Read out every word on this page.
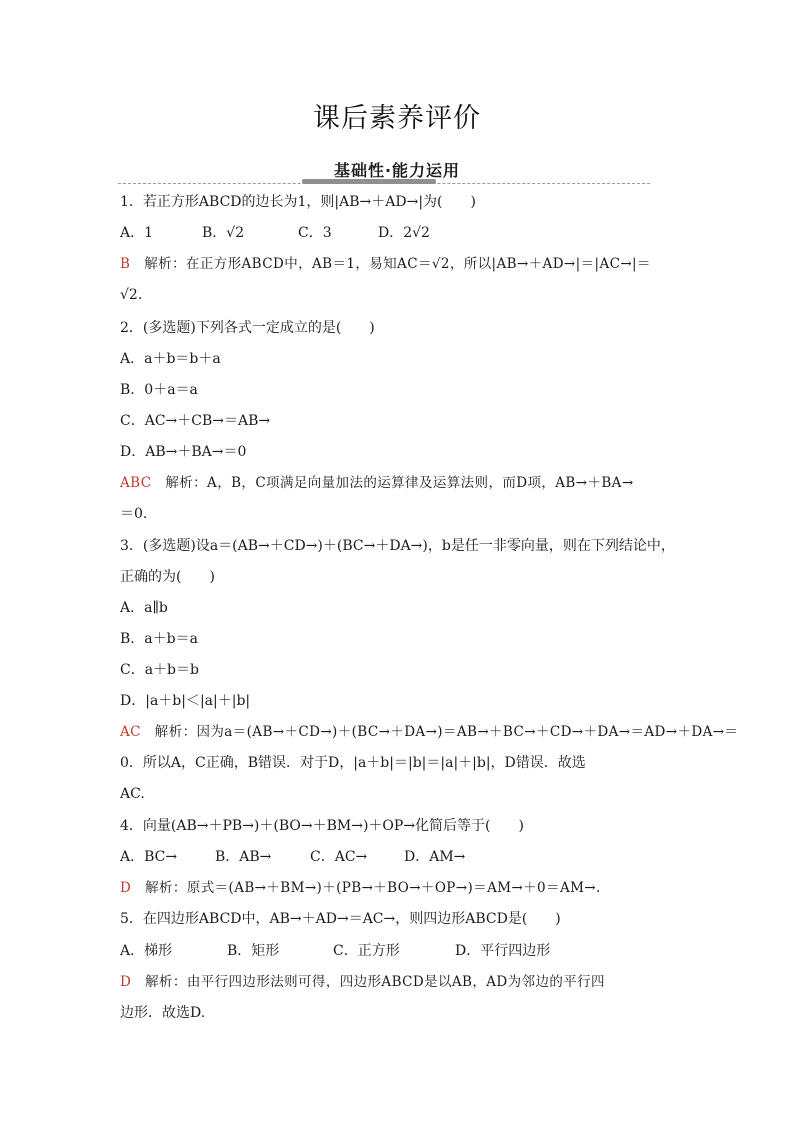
课后素养评价
基础性·能力运用
1．若正方形ABCD的边长为1，则|AB→＋AD→|为(　　)
A．1	B．√2	C．3	D．2√2
B　解析：在正方形ABCD中，AB＝1，易知AC＝√2，所以|AB→＋AD→|＝|AC→|＝
√2.
2．(多选题)下列各式一定成立的是(　　)
A．a＋b＝b＋a
B．0＋a＝a
C．AC→＋CB→＝AB→
D．AB→＋BA→＝0
ABC　解析：A，B，C项满足向量加法的运算律及运算法则，而D项，AB→＋BA→
＝0.
3．(多选题)设a＝(AB→＋CD→)＋(BC→＋DA→)，b是任一非零向量，则在下列结论中，
正确的为(　　)
A．a∥b
B．a＋b＝a
C．a＋b＝b
D．|a＋b|＜|a|＋|b|
AC　解析：因为a＝(AB→＋CD→)＋(BC→＋DA→)＝AB→＋BC→＋CD→＋DA→＝AD→＋DA→＝
0．所以A，C正确，B错误．对于D，|a＋b|＝|b|＝|a|＋|b|，D错误．故选
AC.
4．向量(AB→＋PB→)＋(BO→＋BM→)＋OP→化简后等于(　　)
A．BC→	B．AB→	C．AC→	D．AM→
D　解析：原式＝(AB→＋BM→)＋(PB→＋BO→＋OP→)＝AM→＋0＝AM→.
5．在四边形ABCD中，AB→＋AD→＝AC→，则四边形ABCD是(　　)
A．梯形	B．矩形	C．正方形	D．平行四边形
D　解析：由平行四边形法则可得，四边形ABCD是以AB，AD为邻边的平行四
边形．故选D.
